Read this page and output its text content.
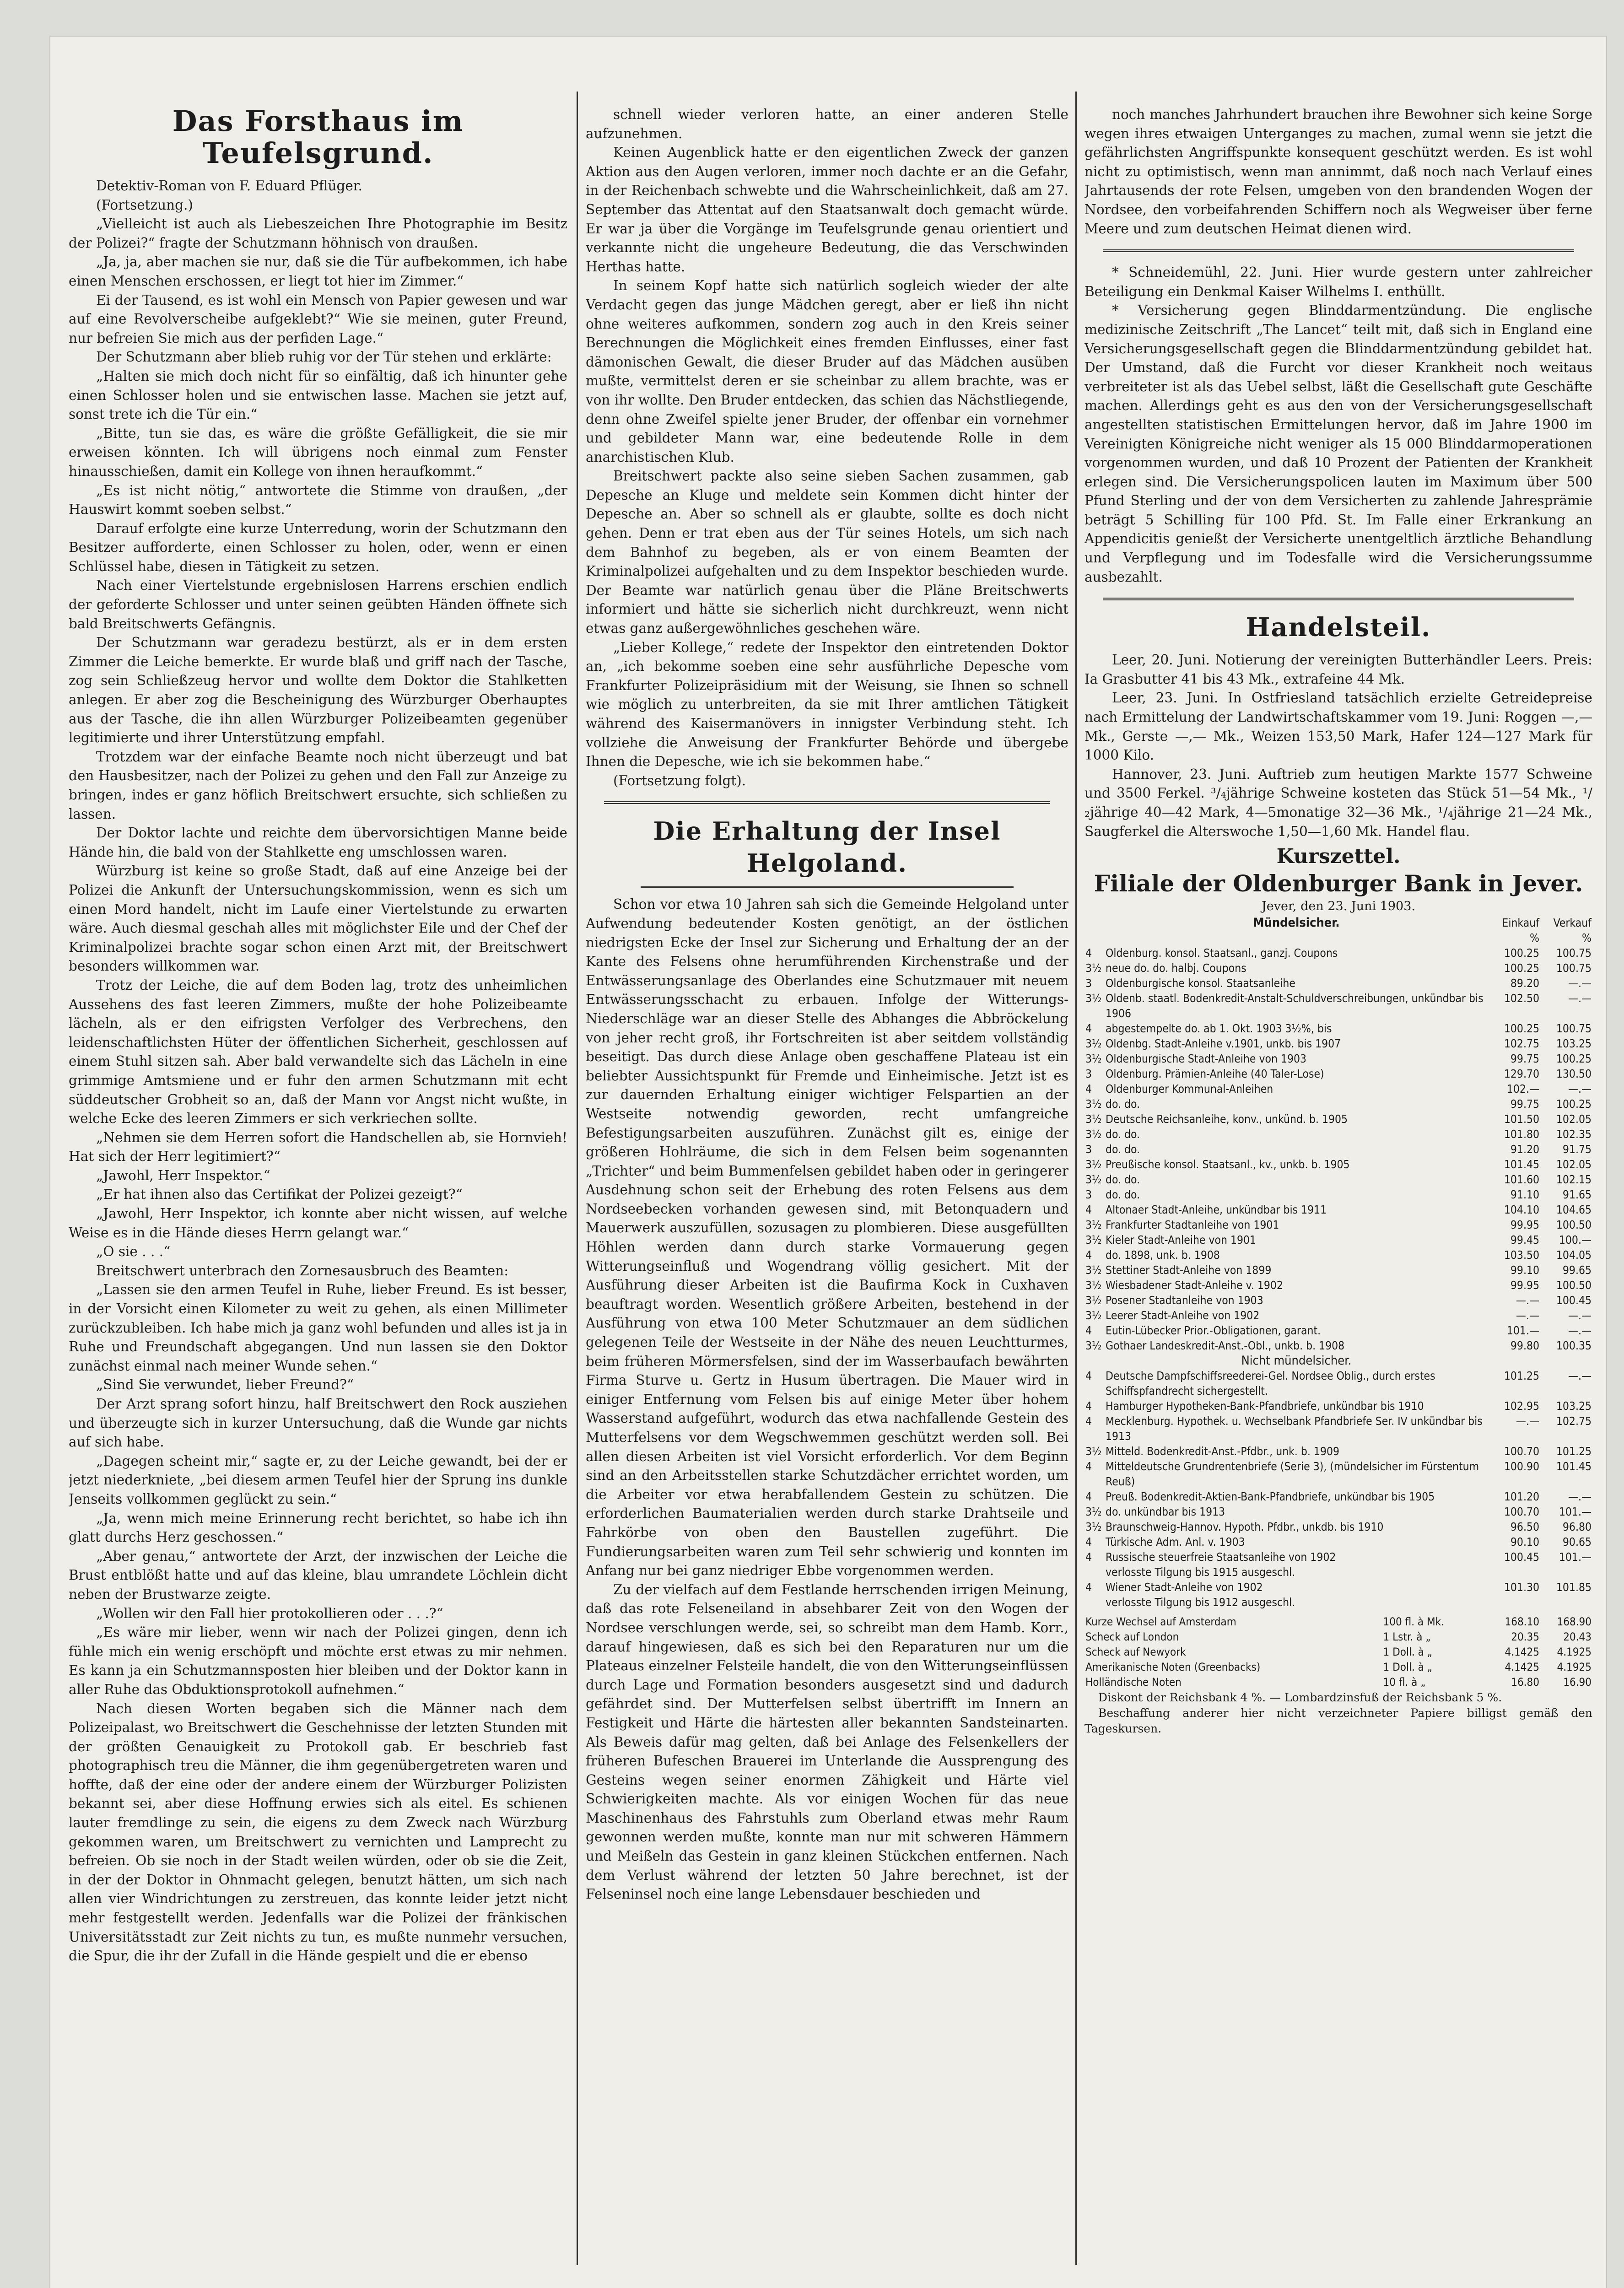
Das Forsthaus im Teufelsgrund.

Detektiv-Roman von F. Eduard Pflüger.

(Fortsetzung.)

„Vielleicht ist auch als Liebeszeichen Ihre Photographie im Besitz der Polizei?“ fragte der Schutzmann höhnisch von draußen.

„Ja, ja, aber machen sie nur, daß sie die Tür aufbekommen, ich habe einen Menschen erschossen, er liegt tot hier im Zimmer.“

Ei der Tausend, es ist wohl ein Mensch von Papier gewesen und war auf eine Revolverscheibe aufgeklebt?“ Wie sie meinen, guter Freund, nur befreien Sie mich aus der perfiden Lage.“

Der Schutzmann aber blieb ruhig vor der Tür stehen und erklärte:

„Halten sie mich doch nicht für so einfältig, daß ich hinunter gehe einen Schlosser holen und sie entwischen lasse. Machen sie jetzt auf, sonst trete ich die Tür ein.“

„Bitte, tun sie das, es wäre die größte Gefälligkeit, die sie mir erweisen könnten. Ich will übrigens noch einmal zum Fenster hinausschießen, damit ein Kollege von ihnen heraufkommt.“

„Es ist nicht nötig,“ antwortete die Stimme von draußen, „der Hauswirt kommt soeben selbst.“

Darauf erfolgte eine kurze Unterredung, worin der Schutzmann den Besitzer aufforderte, einen Schlosser zu holen, oder, wenn er einen Schlüssel habe, diesen in Tätigkeit zu setzen.

Nach einer Viertelstunde ergebnislosen Harrens erschien endlich der geforderte Schlosser und unter seinen geübten Händen öffnete sich bald Breitschwerts Gefängnis.

Der Schutzmann war geradezu bestürzt, als er in dem ersten Zimmer die Leiche bemerkte. Er wurde blaß und griff nach der Tasche, zog sein Schließzeug hervor und wollte dem Doktor die Stahlketten anlegen. Er aber zog die Bescheinigung des Würzburger Oberhauptes aus der Tasche, die ihn allen Würzburger Polizeibeamten gegenüber legitimierte und ihrer Unterstützung empfahl.

Trotzdem war der einfache Beamte noch nicht überzeugt und bat den Hausbesitzer, nach der Polizei zu gehen und den Fall zur Anzeige zu bringen, indes er ganz höflich Breitschwert ersuchte, sich schließen zu lassen.

Der Doktor lachte und reichte dem übervorsichtigen Manne beide Hände hin, die bald von der Stahlkette eng umschlossen waren.

Würzburg ist keine so große Stadt, daß auf eine Anzeige bei der Polizei die Ankunft der Untersuchungskommission, wenn es sich um einen Mord handelt, nicht im Laufe einer Viertelstunde zu erwarten wäre. Auch diesmal geschah alles mit möglichster Eile und der Chef der Kriminalpolizei brachte sogar schon einen Arzt mit, der Breitschwert besonders willkommen war.

Trotz der Leiche, die auf dem Boden lag, trotz des unheimlichen Aussehens des fast leeren Zimmers, mußte der hohe Polizeibeamte lächeln, als er den eifrigsten Verfolger des Verbrechens, den leidenschaftlichsten Hüter der öffentlichen Sicherheit, geschlossen auf einem Stuhl sitzen sah. Aber bald verwandelte sich das Lächeln in eine grimmige Amtsmiene und er fuhr den armen Schutzmann mit echt süddeutscher Grobheit so an, daß der Mann vor Angst nicht wußte, in welche Ecke des leeren Zimmers er sich verkriechen sollte.

„Nehmen sie dem Herren sofort die Handschellen ab, sie Hornvieh! Hat sich der Herr legitimiert?“

„Jawohl, Herr Inspektor.“

„Er hat ihnen also das Certifikat der Polizei gezeigt?“

„Jawohl, Herr Inspektor, ich konnte aber nicht wissen, auf welche Weise es in die Hände dieses Herrn gelangt war.“

„O sie . . .“

Breitschwert unterbrach den Zornesausbruch des Beamten:

„Lassen sie den armen Teufel in Ruhe, lieber Freund. Es ist besser, in der Vorsicht einen Kilometer zu weit zu gehen, als einen Millimeter zurückzubleiben. Ich habe mich ja ganz wohl befunden und alles ist ja in Ruhe und Freundschaft abgegangen. Und nun lassen sie den Doktor zunächst einmal nach meiner Wunde sehen.“

„Sind Sie verwundet, lieber Freund?“

Der Arzt sprang sofort hinzu, half Breitschwert den Rock ausziehen und überzeugte sich in kurzer Untersuchung, daß die Wunde gar nichts auf sich habe.

„Dagegen scheint mir,“ sagte er, zu der Leiche gewandt, bei der er jetzt niederkniete, „bei diesem armen Teufel hier der Sprung ins dunkle Jenseits vollkommen geglückt zu sein.“

„Ja, wenn mich meine Erinnerung recht berichtet, so habe ich ihn glatt durchs Herz geschossen.“

„Aber genau,“ antwortete der Arzt, der inzwischen der Leiche die Brust entblößt hatte und auf das kleine, blau umrandete Löchlein dicht neben der Brustwarze zeigte.

„Wollen wir den Fall hier protokollieren oder . . .?“

„Es wäre mir lieber, wenn wir nach der Polizei gingen, denn ich fühle mich ein wenig erschöpft und möchte erst etwas zu mir nehmen. Es kann ja ein Schutzmannsposten hier bleiben und der Doktor kann in aller Ruhe das Obduktionsprotokoll aufnehmen.“

Nach diesen Worten begaben sich die Männer nach dem Polizeipalast, wo Breitschwert die Geschehnisse der letzten Stunden mit der größten Genauigkeit zu Protokoll gab. Er beschrieb fast photographisch treu die Männer, die ihm gegenübergetreten waren und hoffte, daß der eine oder der andere einem der Würzburger Polizisten bekannt sei, aber diese Hoffnung erwies sich als eitel. Es schienen lauter fremdlinge zu sein, die eigens zu dem Zweck nach Würzburg gekommen waren, um Breitschwert zu vernichten und Lamprecht zu befreien. Ob sie noch in der Stadt weilen würden, oder ob sie die Zeit, in der der Doktor in Ohnmacht gelegen, benutzt hätten, um sich nach allen vier Windrichtungen zu zerstreuen, das konnte leider jetzt nicht mehr festgestellt werden. Jedenfalls war die Polizei der fränkischen Universitätsstadt zur Zeit nichts zu tun, es mußte nunmehr versuchen, die Spur, die ihr der Zufall in die Hände gespielt und die er ebenso

schnell wieder verloren hatte, an einer anderen Stelle aufzunehmen.

Keinen Augenblick hatte er den eigentlichen Zweck der ganzen Aktion aus den Augen verloren, immer noch dachte er an die Gefahr, in der Reichenbach schwebte und die Wahrscheinlichkeit, daß am 27. September das Attentat auf den Staatsanwalt doch gemacht würde. Er war ja über die Vorgänge im Teufelsgrunde genau orientiert und verkannte nicht die ungeheure Bedeutung, die das Verschwinden Herthas hatte.

In seinem Kopf hatte sich natürlich sogleich wieder der alte Verdacht gegen das junge Mädchen geregt, aber er ließ ihn nicht ohne weiteres aufkommen, sondern zog auch in den Kreis seiner Berechnungen die Möglichkeit eines fremden Einflusses, einer fast dämonischen Gewalt, die dieser Bruder auf das Mädchen ausüben mußte, vermittelst deren er sie scheinbar zu allem brachte, was er von ihr wollte. Den Bruder entdecken, das schien das Nächstliegende, denn ohne Zweifel spielte jener Bruder, der offenbar ein vornehmer und gebildeter Mann war, eine bedeutende Rolle in dem anarchistischen Klub.

Breitschwert packte also seine sieben Sachen zusammen, gab Depesche an Kluge und meldete sein Kommen dicht hinter der Depesche an. Aber so schnell als er glaubte, sollte es doch nicht gehen. Denn er trat eben aus der Tür seines Hotels, um sich nach dem Bahnhof zu begeben, als er von einem Beamten der Kriminalpolizei aufgehalten und zu dem Inspektor beschieden wurde. Der Beamte war natürlich genau über die Pläne Breitschwerts informiert und hätte sie sicherlich nicht durchkreuzt, wenn nicht etwas ganz außergewöhnliches geschehen wäre.

„Lieber Kollege,“ redete der Inspektor den eintretenden Doktor an, „ich bekomme soeben eine sehr ausführliche Depesche vom Frankfurter Polizeipräsidium mit der Weisung, sie Ihnen so schnell wie möglich zu unterbreiten, da sie mit Ihrer amtlichen Tätigkeit während des Kaisermanövers in innigster Verbindung steht. Ich vollziehe die Anweisung der Frankfurter Behörde und übergebe Ihnen die Depesche, wie ich sie bekommen habe.“

(Fortsetzung folgt).

Die Erhaltung der Insel Helgoland.

Schon vor etwa 10 Jahren sah sich die Gemeinde Helgoland unter Aufwendung bedeutender Kosten genötigt, an der östlichen niedrigsten Ecke der Insel zur Sicherung und Erhaltung der an der Kante des Felsens ohne herumführenden Kirchenstraße und der Entwässerungsanlage des Oberlandes eine Schutzmauer mit neuem Entwässerungsschacht zu erbauen. Infolge der Witterungs-Niederschläge war an dieser Stelle des Abhanges die Abbröckelung von jeher recht groß, ihr Fortschreiten ist aber seitdem vollständig beseitigt. Das durch diese Anlage oben geschaffene Plateau ist ein beliebter Aussichtspunkt für Fremde und Einheimische. Jetzt ist es zur dauernden Erhaltung einiger wichtiger Felspartien an der Westseite notwendig geworden, recht umfangreiche Befestigungsarbeiten auszuführen. Zunächst gilt es, einige der größeren Hohlräume, die sich in dem Felsen beim sogenannten „Trichter“ und beim Bummenfelsen gebildet haben oder in geringerer Ausdehnung schon seit der Erhebung des roten Felsens aus dem Nordseebecken vorhanden gewesen sind, mit Betonquadern und Mauerwerk auszufüllen, sozusagen zu plombieren. Diese ausgefüllten Höhlen werden dann durch starke Vormauerung gegen Witterungseinfluß und Wogendrang völlig gesichert. Mit der Ausführung dieser Arbeiten ist die Baufirma Kock in Cuxhaven beauftragt worden. Wesentlich größere Arbeiten, bestehend in der Ausführung von etwa 100 Meter Schutzmauer an dem südlichen gelegenen Teile der Westseite in der Nähe des neuen Leuchtturmes, beim früheren Mörmersfelsen, sind der im Wasserbaufach bewährten Firma Sturve u. Gertz in Husum übertragen. Die Mauer wird in einiger Entfernung vom Felsen bis auf einige Meter über hohem Wasserstand aufgeführt, wodurch das etwa nachfallende Gestein des Mutterfelsens vor dem Wegschwemmen geschützt werden soll. Bei allen diesen Arbeiten ist viel Vorsicht erforderlich. Vor dem Beginn sind an den Arbeitsstellen starke Schutzdächer errichtet worden, um die Arbeiter vor etwa herabfallendem Gestein zu schützen. Die erforderlichen Baumaterialien werden durch starke Drahtseile und Fahrkörbe von oben den Baustellen zugeführt. Die Fundierungsarbeiten waren zum Teil sehr schwierig und konnten im Anfang nur bei ganz niedriger Ebbe vorgenommen werden.

Zu der vielfach auf dem Festlande herrschenden irrigen Meinung, daß das rote Felseneiland in absehbarer Zeit von den Wogen der Nordsee verschlungen werde, sei, so schreibt man dem Hamb. Korr., darauf hingewiesen, daß es sich bei den Reparaturen nur um die Plateaus einzelner Felsteile handelt, die von den Witterungseinflüssen durch Lage und Formation besonders ausgesetzt sind und dadurch gefährdet sind. Der Mutterfelsen selbst übertrifft im Innern an Festigkeit und Härte die härtesten aller bekannten Sandsteinarten. Als Beweis dafür mag gelten, daß bei Anlage des Felsenkellers der früheren Bufeschen Brauerei im Unterlande die Aussprengung des Gesteins wegen seiner enormen Zähigkeit und Härte viel Schwierigkeiten machte. Als vor einigen Wochen für das neue Maschinenhaus des Fahrstuhls zum Oberland etwas mehr Raum gewonnen werden mußte, konnte man nur mit schweren Hämmern und Meißeln das Gestein in ganz kleinen Stückchen entfernen. Nach dem Verlust während der letzten 50 Jahre berechnet, ist der Felseninsel noch eine lange Lebensdauer beschieden und

noch manches Jahrhundert brauchen ihre Bewohner sich keine Sorge wegen ihres etwaigen Unterganges zu machen, zumal wenn sie jetzt die gefährlichsten Angriffspunkte konsequent geschützt werden. Es ist wohl nicht zu optimistisch, wenn man annimmt, daß noch nach Verlauf eines Jahrtausends der rote Felsen, umgeben von den brandenden Wogen der Nordsee, den vorbeifahrenden Schiffern noch als Wegweiser über ferne Meere und zum deutschen Heimat dienen wird.

* Schneidemühl, 22. Juni. Hier wurde gestern unter zahlreicher Beteiligung ein Denkmal Kaiser Wilhelms I. enthüllt.

* Versicherung gegen Blinddarmentzündung. Die englische medizinische Zeitschrift „The Lancet“ teilt mit, daß sich in England eine Versicherungsgesellschaft gegen die Blinddarmentzündung gebildet hat. Der Umstand, daß die Furcht vor dieser Krankheit noch weitaus verbreiteter ist als das Uebel selbst, läßt die Gesellschaft gute Geschäfte machen. Allerdings geht es aus den von der Versicherungsgesellschaft angestellten statistischen Ermittelungen hervor, daß im Jahre 1900 im Vereinigten Königreiche nicht weniger als 15 000 Blinddarmoperationen vorgenommen wurden, und daß 10 Prozent der Patienten der Krankheit erlegen sind. Die Versicherungspolicen lauten im Maximum über 500 Pfund Sterling und der von dem Versicherten zu zahlende Jahresprämie beträgt 5 Schilling für 100 Pfd. St. Im Falle einer Erkrankung an Appendicitis genießt der Versicherte unentgeltlich ärztliche Behandlung und Verpflegung und im Todesfalle wird die Versicherungssumme ausbezahlt.

Handelsteil.

Leer, 20. Juni. Notierung der vereinigten Butterhändler Leers. Preis: Ia Grasbutter 41 bis 43 Mk., extrafeine 44 Mk.

Leer, 23. Juni. In Ostfriesland tatsächlich erzielte Getreidepreise nach Ermittelung der Landwirtschaftskammer vom 19. Juni: Roggen —,— Mk., Gerste —,— Mk., Weizen 153,50 Mark, Hafer 124—127 Mark für 1000 Kilo.

Hannover, 23. Juni. Auftrieb zum heutigen Markte 1577 Schweine und 3500 Ferkel. ³/₄jährige Schweine kosteten das Stück 51—54 Mk., ¹/₂jährige 40—42 Mark, 4—5monatige 32—36 Mk., ¹/₄jährige 21—24 Mk., Saugferkel die Alterswoche 1,50—1,60 Mk. Handel flau.

Kurszettel.
Filiale der Oldenburger Bank in Jever.
Jever, den 23. Juni 1903.
	Mündelsicher.	Einkauf	Verkauf
		%	%
4	Oldenburg. konsol. Staatsanl., ganzj. Coupons	100.25	100.75
3½	neue do. do. halbj. Coupons	100.25	100.75
3	Oldenburgische konsol. Staatsanleihe	89.20	—.—
3½	Oldenb. staatl. Bodenkredit-Anstalt-Schuldverschreibungen, unkündbar bis 1906	102.50	—.—
4	abgestempelte do. ab 1. Okt. 1903 3½%, bis	100.25	100.75
3½	Oldenbg. Stadt-Anleihe v.1901, unkb. bis 1907	102.75	103.25
3½	Oldenburgische Stadt-Anleihe von 1903	99.75	100.25
3	Oldenburg. Prämien-Anleihe (40 Taler-Lose)	129.70	130.50
4	Oldenburger Kommunal-Anleihen	102.—	—.—
3½	do. do.	99.75	100.25
3½	Deutsche Reichsanleihe, konv., unkünd. b. 1905	101.50	102.05
3½	do. do.	101.80	102.35
3	do. do.	91.20	91.75
3½	Preußische konsol. Staatsanl., kv., unkb. b. 1905	101.45	102.05
3½	do. do.	101.60	102.15
3	do. do.	91.10	91.65
4	Altonaer Stadt-Anleihe, unkündbar bis 1911	104.10	104.65
3½	Frankfurter Stadtanleihe von 1901	99.95	100.50
3½	Kieler Stadt-Anleihe von 1901	99.45	100.—
4	do. 1898, unk. b. 1908	103.50	104.05
3½	Stettiner Stadt-Anleihe von 1899	99.10	99.65
3½	Wiesbadener Stadt-Anleihe v. 1902	99.95	100.50
3½	Posener Stadtanleihe von 1903	—.—	100.45
3½	Leerer Stadt-Anleihe von 1902	—.—	—.—
4	Eutin-Lübecker Prior.-Obligationen, garant.	101.—	—.—
3½	Gothaer Landeskredit-Anst.-Obl., unkb. b. 1908	99.80	100.35
	Nicht mündelsicher.		
4	Deutsche Dampfschiffsreederei-Gel. Nordsee Oblig., durch erstes Schiffspfandrecht sichergestellt.	101.25	—.—
4	Hamburger Hypotheken-Bank-Pfandbriefe, unkündbar bis 1910	102.95	103.25
4	Mecklenburg. Hypothek. u. Wechselbank Pfandbriefe Ser. IV unkündbar bis 1913	—.—	102.75
3½	Mitteld. Bodenkredit-Anst.-Pfdbr., unk. b. 1909	100.70	101.25
4	Mitteldeutsche Grundrentenbriefe (Serie 3), (mündelsicher im Fürstentum Reuß)	100.90	101.45
4	Preuß. Bodenkredit-Aktien-Bank-Pfandbriefe, unkündbar bis 1905	101.20	—.—
3½	do. unkündbar bis 1913	100.70	101.—
3½	Braunschweig-Hannov. Hypoth. Pfdbr., unkdb. bis 1910	96.50	96.80
4	Türkische Adm. Anl. v. 1903	90.10	90.65
4	Russische steuerfreie Staatsanleihe von 1902	100.45	101.—
	verlosste Tilgung bis 1915 ausgeschl.		
4	Wiener Stadt-Anleihe von 1902	101.30	101.85
	verlosste Tilgung bis 1912 ausgeschl.		
Kurze Wechsel auf Amsterdam	100 fl. à Mk.	168.10	168.90
Scheck auf London	1 Lstr. à „	20.35	20.43
Scheck auf Newyork	1 Doll. à „	4.1425	4.1925
Amerikanische Noten (Greenbacks)	1 Doll. à „	4.1425	4.1925
Holländische Noten	10 fl. à „	16.80	16.90

Diskont der Reichsbank 4 %. — Lombardzinsfuß der Reichsbank 5 %.

Beschaffung anderer hier nicht verzeichneter Papiere billigst gemäß den Tageskursen.
